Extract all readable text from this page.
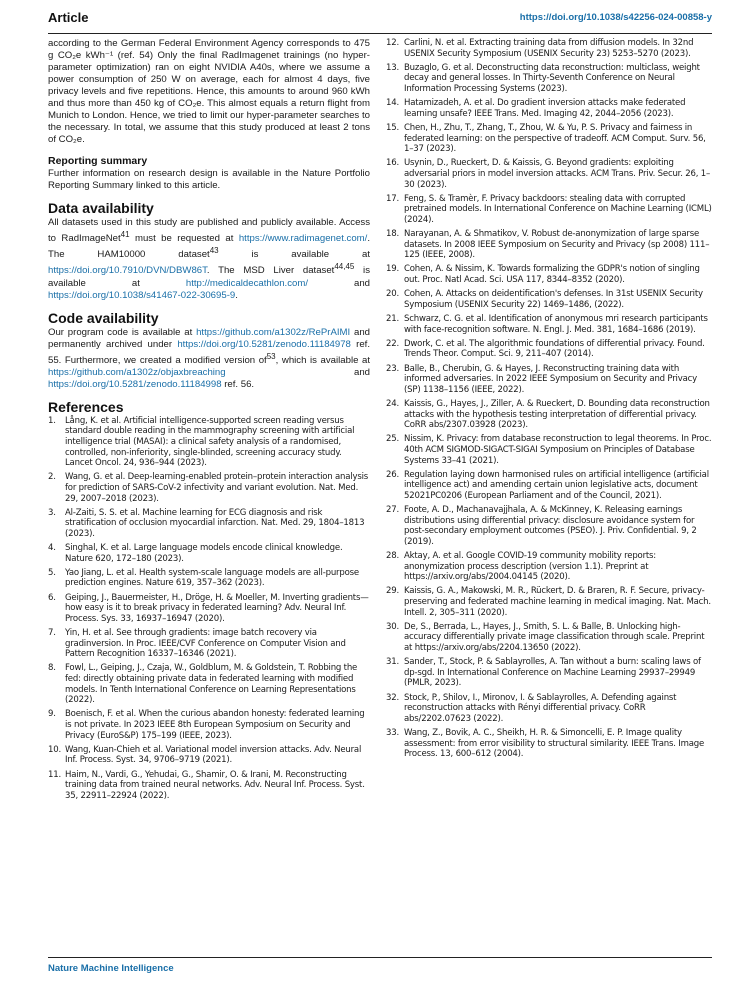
Article	https://doi.org/10.1038/s42256-024-00858-y

according to the German Federal Environment Agency corresponds to 475 g CO₂e kWh⁻¹ (ref. 54) Only the final RadImagenet trainings (no hyper-parameter optimization) ran on eight NVIDIA A40s, where we assume a power consumption of 250 W on average, each for almost 4 days, five privacy levels and five repetitions. Hence, this amounts to around 960 kWh and thus more than 450 kg of CO₂e. This almost equals a return flight from Munich to London. Hence, we tried to limit our hyper-parameter searches to the necessary. In total, we assume that this study produced at least 2 tons of CO₂e.

Reporting summary

Further information on research design is available in the Nature Portfolio Reporting Summary linked to this article.

Data availability

All datasets used in this study are published and publicly available. Access to RadImageNet$^{41}$ must be requested at https://www.radimagenet.com/. The HAM10000 dataset$^{43}$ is available at https://doi.org/10.7910/DVN/DBW86T. The MSD Liver dataset$^{44,45}$ is available at http://medicaldecathlon.com/ and https://doi.org/10.1038/s41467-022-30695-9.

Code availability

Our program code is available at https://github.com/a1302z/RePrAIMI and permanently archived under https://doi.org/10.5281/zenodo.11184978 ref. 55. Furthermore, we created a modified version $of^{53}$, which is available at https://github.com/a1302z/objaxbreaching and https://doi.org/10.5281/zenodo.11184998 ref. 56.

References
1.	Lång, K. et al. Artificial intelligence-supported screen reading versus standard double reading in the mammography screening with artificial intelligence trial (MASAI): a clinical safety analysis of a randomised, controlled, non-inferiority, single-blinded, screening accuracy study. Lancet Oncol. 24, 936–944 (2023).
2.	Wang, G. et al. Deep-learning-enabled protein–protein interaction analysis for prediction of SARS-CoV-2 infectivity and variant evolution. Nat. Med. 29, 2007–2018 (2023).
3.	Al-Zaiti, S. S. et al. Machine learning for ECG diagnosis and risk stratification of occlusion myocardial infarction. Nat. Med. 29, 1804–1813 (2023).
4.	Singhal, K. et al. Large language models encode clinical knowledge. Nature 620, 172–180 (2023).
5.	Yao Jiang, L. et al. Health system-scale language models are all-purpose prediction engines. Nature 619, 357–362 (2023).
6.	Geiping, J., Bauermeister, H., Dröge, H. & Moeller, M. Inverting gradients—how easy is it to break privacy in federated learning? Adv. Neural Inf. Process. Sys. 33, 16937–16947 (2020).
7.	Yin, H. et al. See through gradients: image batch recovery via gradinversion. In Proc. IEEE/CVF Conference on Computer Vision and Pattern Recognition 16337–16346 (2021).
8.	Fowl, L., Geiping, J., Czaja, W., Goldblum, M. & Goldstein, T. Robbing the fed: directly obtaining private data in federated learning with modified models. In Tenth International Conference on Learning Representations (2022).
9.	Boenisch, F. et al. When the curious abandon honesty: federated learning is not private. In 2023 IEEE 8th European Symposium on Security and Privacy (EuroS&P) 175–199 (IEEE, 2023).
10. Wang, Kuan-Chieh et al. Variational model inversion attacks. Adv. Neural Inf. Process. Syst. 34, 9706–9719 (2021).
11. Haim, N., Vardi, G., Yehudai, G., Shamir, O. & Irani, M. Reconstructing training data from trained neural networks. Adv. Neural Inf. Process. Syst. 35, 22911–22924 (2022).
12. Carlini, N. et al. Extracting training data from diffusion models. In 32nd USENIX Security Symposium (USENIX Security 23) 5253–5270 (2023).
13. Buzaglo, G. et al. Deconstructing data reconstruction: multiclass, weight decay and general losses. In Thirty-Seventh Conference on Neural Information Processing Systems (2023).
14. Hatamizadeh, A. et al. Do gradient inversion attacks make federated learning unsafe? IEEE Trans. Med. Imaging 42, 2044–2056 (2023).
15. Chen, H., Zhu, T., Zhang, T., Zhou, W. & Yu, P. S. Privacy and fairness in federated learning: on the perspective of tradeoff. ACM Comput. Surv. 56, 1–37 (2023).
16. Usynin, D., Rueckert, D. & Kaissis, G. Beyond gradients: exploiting adversarial priors in model inversion attacks. ACM Trans. Priv. Secur. 26, 1–30 (2023).
17. Feng, S. & Tramèr, F. Privacy backdoors: stealing data with corrupted pretrained models. In International Conference on Machine Learning (ICML) (2024).
18. Narayanan, A. & Shmatikov, V. Robust de-anonymization of large sparse datasets. In 2008 IEEE Symposium on Security and Privacy (sp 2008) 111–125 (IEEE, 2008).
19. Cohen, A. & Nissim, K. Towards formalizing the GDPR's notion of singling out. Proc. Natl Acad. Sci. USA 117, 8344–8352 (2020).
20. Cohen, A. Attacks on deidentification's defenses. In 31st USENIX Security Symposium (USENIX Security 22) 1469–1486, (2022).
21. Schwarz, C. G. et al. Identification of anonymous mri research participants with face-recognition software. N. Engl. J. Med. 381, 1684–1686 (2019).
22. Dwork, C. et al. The algorithmic foundations of differential privacy. Found. Trends Theor. Comput. Sci. 9, 211–407 (2014).
23. Balle, B., Cherubin, G. & Hayes, J. Reconstructing training data with informed adversaries. In 2022 IEEE Symposium on Security and Privacy (SP) 1138–1156 (IEEE, 2022).
24. Kaissis, G., Hayes, J., Ziller, A. & Rueckert, D. Bounding data reconstruction attacks with the hypothesis testing interpretation of differential privacy. CoRR abs/2307.03928 (2023).
25. Nissim, K. Privacy: from database reconstruction to legal theorems. In Proc. 40th ACM SIGMOD-SIGACT-SIGAI Symposium on Principles of Database Systems 33–41 (2021).
26. Regulation laying down harmonised rules on artificial intelligence (artificial intelligence act) and amending certain union legislative acts, document 52021PC0206 (European Parliament and of the Council, 2021).
27. Foote, A. D., Machanavajjhala, A. & McKinney, K. Releasing earnings distributions using differential privacy: disclosure avoidance system for post-secondary employment outcomes (PSEO). J. Priv. Confidential. 9, 2 (2019).
28. Aktay, A. et al. Google COVID-19 community mobility reports: anonymization process description (version 1.1). Preprint at https://arxiv.org/abs/2004.04145 (2020).
29. Kaissis, G. A., Makowski, M. R., Rückert, D. & Braren, R. F. Secure, privacy-preserving and federated machine learning in medical imaging. Nat. Mach. Intell. 2, 305–311 (2020).
30. De, S., Berrada, L., Hayes, J., Smith, S. L. & Balle, B. Unlocking high-accuracy differentially private image classification through scale. Preprint at https://arxiv.org/abs/2204.13650 (2022).
31. Sander, T., Stock, P. & Sablayrolles, A. Tan without a burn: scaling laws of dp-sgd. In International Conference on Machine Learning 29937–29949 (PMLR, 2023).
32. Stock, P., Shilov, I., Mironov, I. & Sablayrolles, A. Defending against reconstruction attacks with Rényi differential privacy. CoRR abs/2202.07623 (2022).
33. Wang, Z., Bovik, A. C., Sheikh, H. R. & Simoncelli, E. P. Image quality assessment: from error visibility to structural similarity. IEEE Trans. Image Process. 13, 600–612 (2004).
Nature Machine Intelligence
